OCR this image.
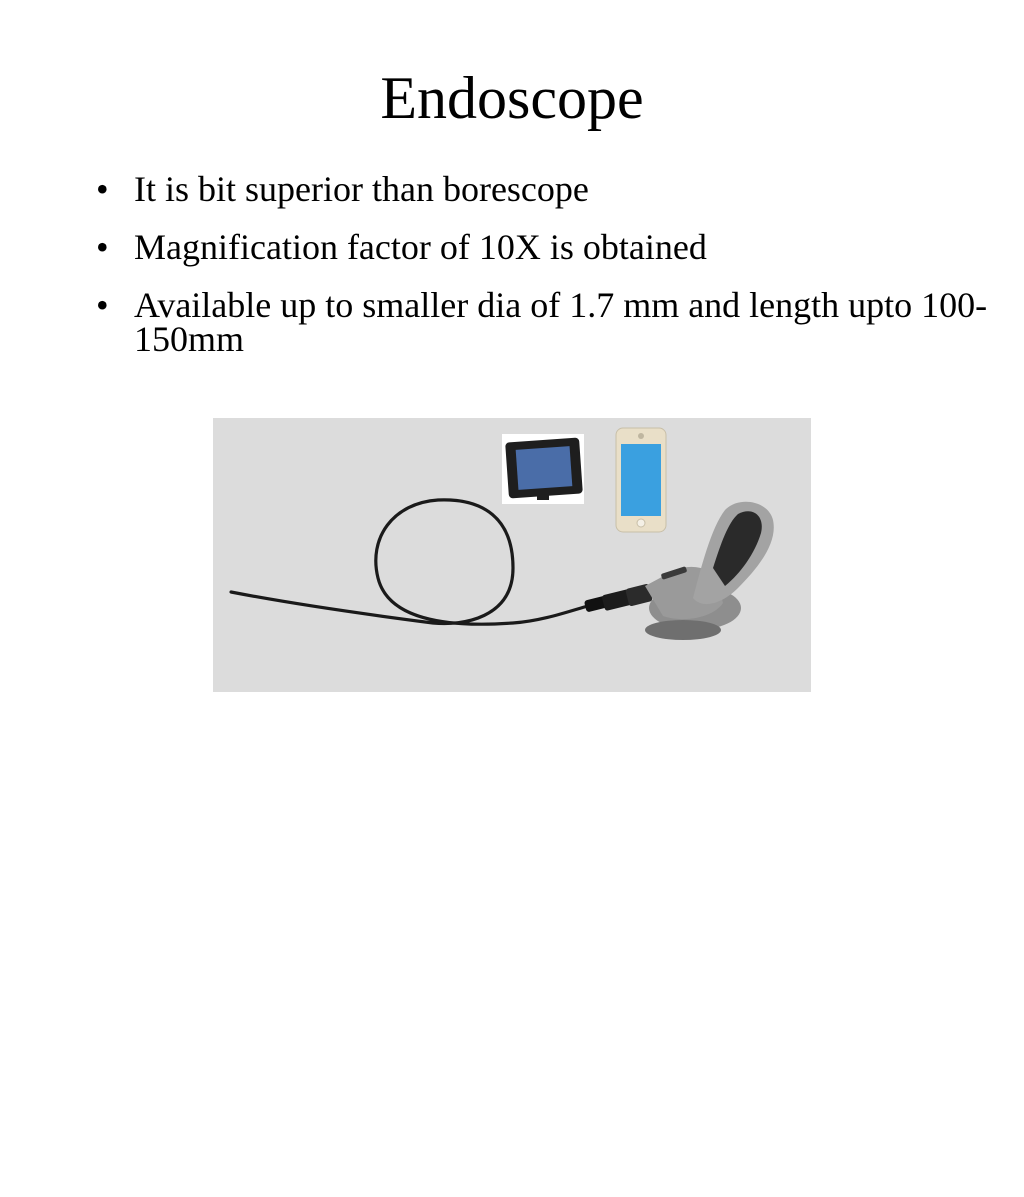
Endoscope
• It is bit superior than borescope
• Magnification factor of 10X is obtained
• Available up to smaller dia of 1.7 mm and length upto 100-150mm
